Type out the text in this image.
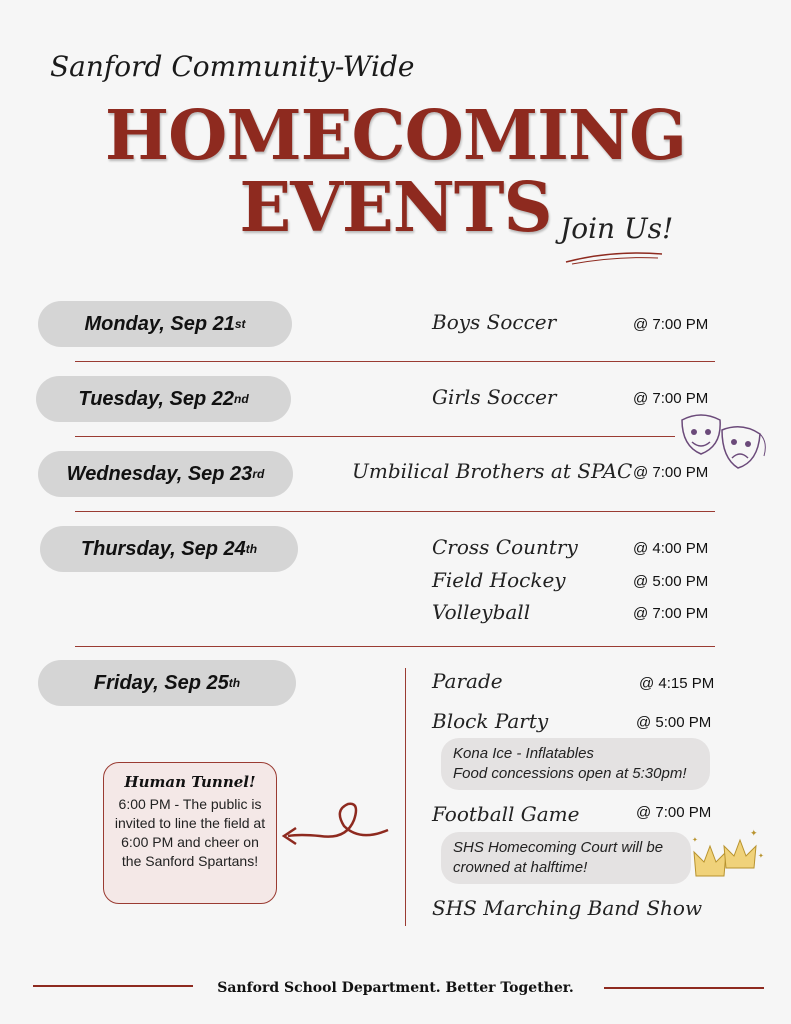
Sanford Community-Wide
HOMECOMING
EVENTS Join Us!
Monday, Sep 21 st	Boys Soccer	@ 7:00 PM
Tuesday, Sep 22 nd	Girls Soccer	@ 7:00 PM
Wednesday, Sep 23 rd	Umbilical Brothers at SPAC @ 7:00 PM
Thursday, Sep 24 th	Cross Country	@ 4:00 PM
Field Hockey	@ 5:00 PM
Volleyball	@ 7:00 PM
Friday, Sep 25 th	Parade	@ 4:15 PM
Block Party	@ 5:00 PM
Kona Ice - Inflatables
Food concessions open at 5:30pm!
Football Game	@ 7:00 PM
SHS Homecoming Court will be
crowned at halftime!
SHS Marching Band Show
✦
✦
✦
Human Tunnel!
6:00 PM - The public is invited to line the field at 6:00 PM and cheer on the Sanford Spartans!
Sanford School Department. Better Together.
